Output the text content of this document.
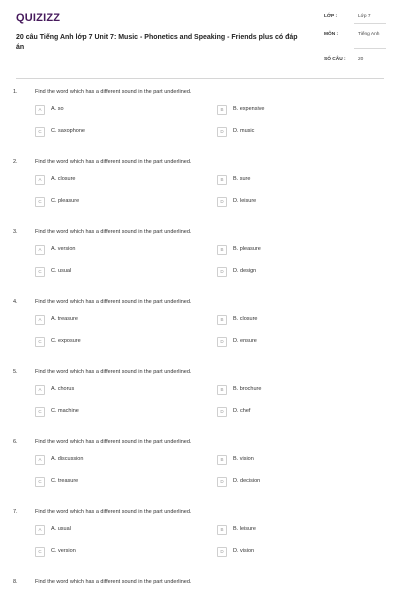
QUIZIZZ
20 câu Tiếng Anh lớp 7 Unit 7: Music - Phonetics and Speaking - Friends plus có đáp án
LỚP :	Lớp 7
MÔN :	Tiếng Anh
SỐ CÂU :	20
1.	Find the word which has a different sound in the part underlined.
A	A. so	B	B. expensive
C	C. saxophone	D	D. music
2.	Find the word which has a different sound in the part underlined.
A	A. closure	B	B. sure
C	C. pleasure	D	D. leisure
3.	Find the word which has a different sound in the part underlined.
A	A. version	B	B. pleasure
C	C. usual	D	D. design
4.	Find the word which has a different sound in the part underlined.
A	A. treasure	B	B. closure
C	C. exposure	D	D. ensure
5.	Find the word which has a different sound in the part underlined.
A	A. chorus	B	B. brochure
C	C. machine	D	D. chef
6.	Find the word which has a different sound in the part underlined.
A	A. discussion	B	B. vision
C	C. treasure	D	D. decision
7.	Find the word which has a different sound in the part underlined.
A	A. usual	B	B. leisure
C	C. version	D	D. vision
8.	Find the word which has a different sound in the part underlined.
